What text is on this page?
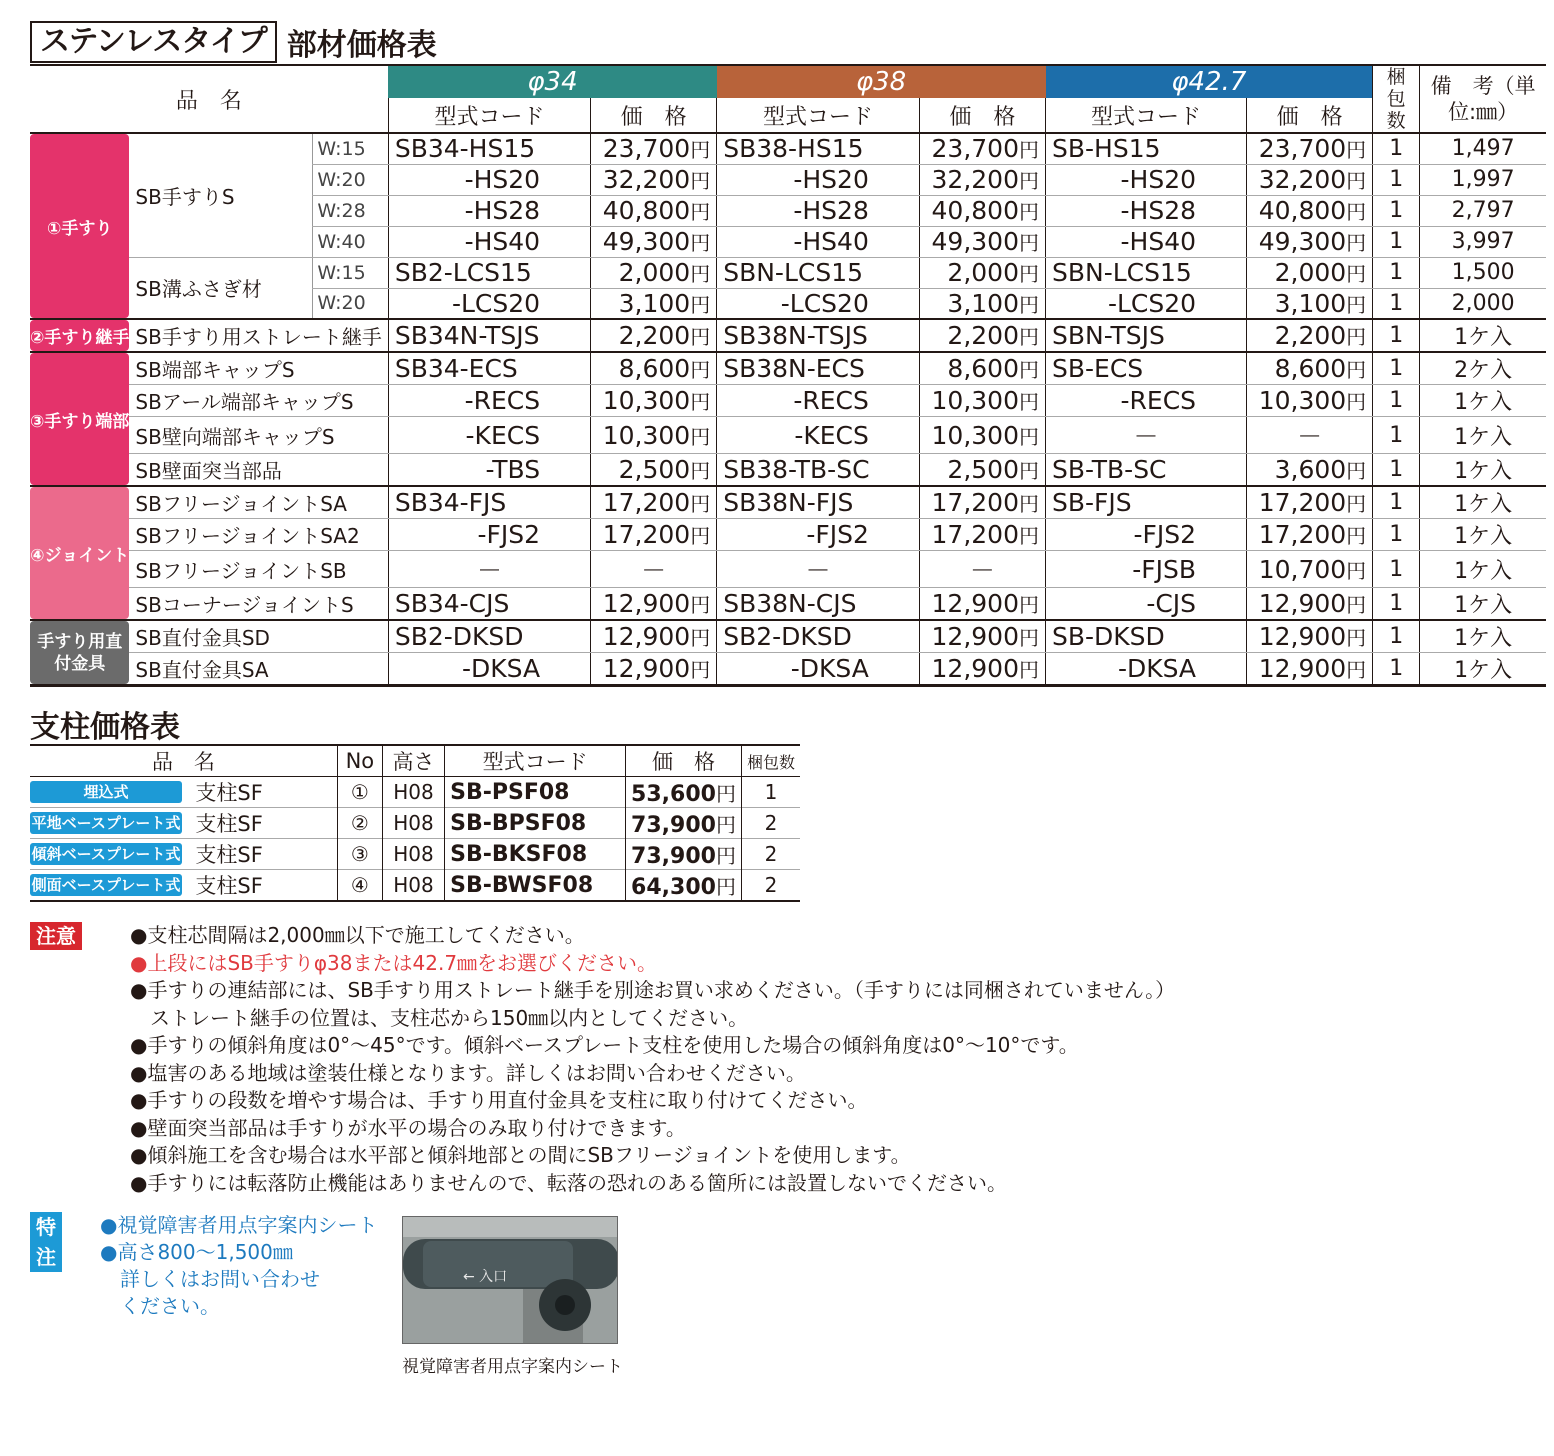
ステンレスタイプ 部材価格表
品　名			φ34		φ38		φ42.7		梱包数	備　考（単位:㎜）
			型式コード	価　格	型式コード	価　格	型式コード	価　格		

①手すり	SB手すりS	W:15	SB34-HS15	23,700円	SB38-HS15	23,700円	SB-HS15	23,700円	1	1,497
		W:20	-HS20	32,200円	-HS20	32,200円	-HS20	32,200円	1	1,997
		W:28	-HS28	40,800円	-HS28	40,800円	-HS28	40,800円	1	2,797
		W:40	-HS40	49,300円	-HS40	49,300円	-HS40	49,300円	1	3,997
	SB溝ふさぎ材	W:15	SB2-LCS15	2,000円	SBN-LCS15	2,000円	SBN-LCS15	2,000円	1	1,500
		W:20	-LCS20	3,100円	-LCS20	3,100円	-LCS20	3,100円	1	2,000

②手すり継手	SB手すり用ストレート継手		SB34N-TSJS	2,200円	SB38N-TSJS	2,200円	SBN-TSJS	2,200円	1	1ケ入

③手すり端部	SB端部キャップS		SB34-ECS	8,600円	SB38N-ECS	8,600円	SB-ECS	8,600円	1	2ケ入
	SBアール端部キャップS		-RECS	10,300円	-RECS	10,300円	-RECS	10,300円	1	1ケ入
	SB壁向端部キャップS		-KECS	10,300円	-KECS	10,300円	－	－	1	1ケ入
	SB壁面突当部品		-TBS	2,500円	SB38-TB-SC	2,500円	SB-TB-SC	3,600円	1	1ケ入

④ジョイント	SBフリージョイントSA		SB34-FJS	17,200円	SB38N-FJS	17,200円	SB-FJS	17,200円	1	1ケ入
	SBフリージョイントSA2		-FJS2	17,200円	-FJS2	17,200円	-FJS2	17,200円	1	1ケ入
	SBフリージョイントSB		－	－	－	－	-FJSB	10,700円	1	1ケ入
	SBコーナージョイントS		SB34-CJS	12,900円	SB38N-CJS	12,900円	-CJS	12,900円	1	1ケ入

手すり用直付金具	SB直付金具SD		SB2-DKSD	12,900円	SB2-DKSD	12,900円	SB-DKSD	12,900円	1	1ケ入
	SB直付金具SA		-DKSA	12,900円	-DKSA	12,900円	-DKSA	12,900円	1	1ケ入
支柱価格表
品　名		No	高さ	型式コード	価　格	梱包数
埋込式	支柱SF	①	H08	SB-PSF08	53,600円	1
平地ベースプレート式	支柱SF	②	H08	SB-BPSF08	73,900円	2
傾斜ベースプレート式	支柱SF	③	H08	SB-BKSF08	73,900円	2
側面ベースプレート式	支柱SF	④	H08	SB-BWSF08	64,300円	2
注意	●支柱芯間隔は2,000㎜以下で施工してください。
●上段にはSB手すりφ38または42.7㎜をお選びください。
●手すりの連結部には、SB手すり用ストレート継手を別途お買い求めください。（手すりには同梱されていません。）
　ストレート継手の位置は、支柱芯から150㎜以内としてください。
●手すりの傾斜角度は0°～45°です。傾斜ベースプレート支柱を使用した場合の傾斜角度は0°～10°です。
●塩害のある地域は塗装仕様となります。詳しくはお問い合わせください。
●手すりの段数を増やす場合は、手すり用直付金具を支柱に取り付けてください。
●壁面突当部品は手すりが水平の場合のみ取り付けできます。
●傾斜施工を含む場合は水平部と傾斜地部との間にSBフリージョイントを使用します。
●手すりには転落防止機能はありませんので、転落の恐れのある箇所には設置しないでください。
特注
●視覚障害者用点字案内シート
●高さ800～1,500㎜
　詳しくはお問い合わせ
　ください。
← 入口
視覚障害者用点字案内シート
